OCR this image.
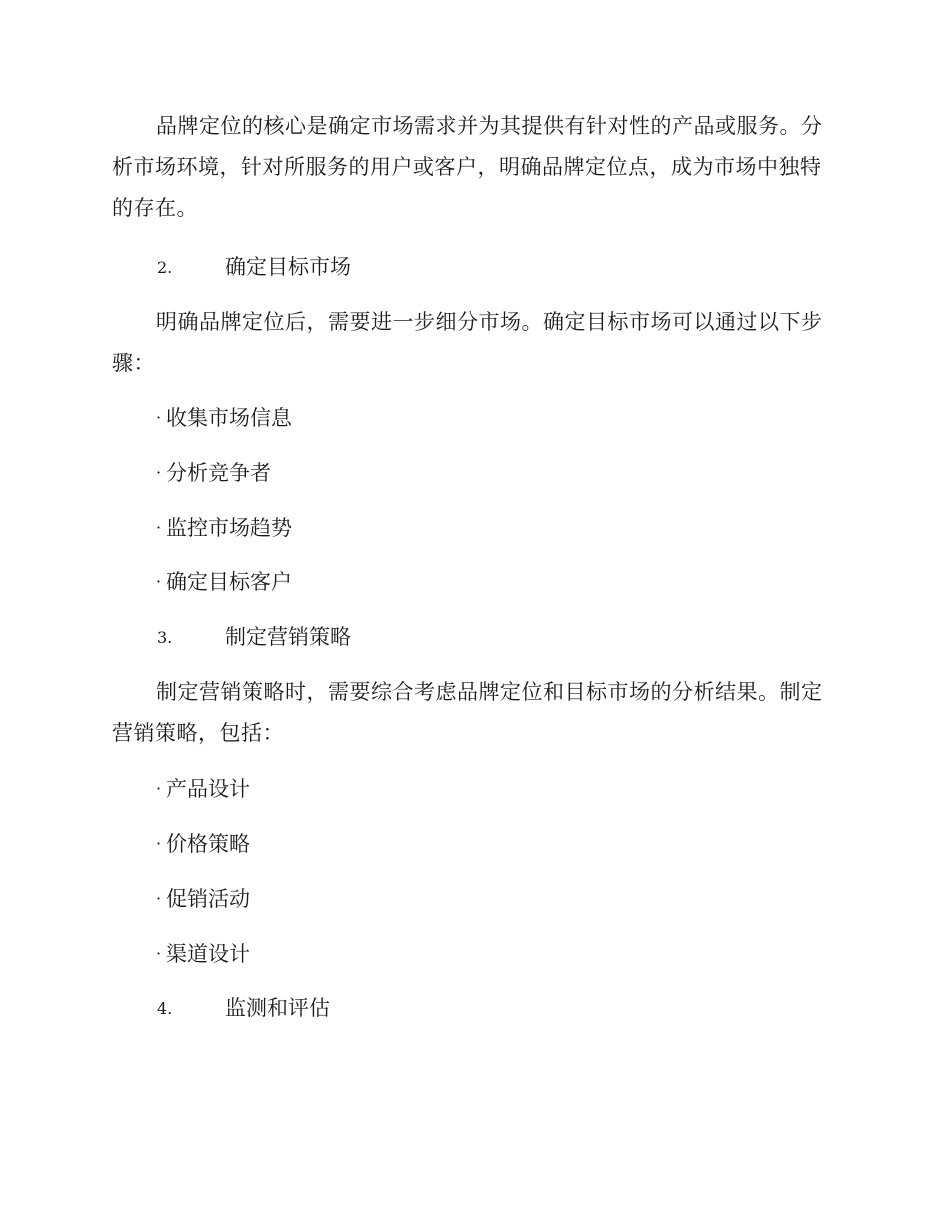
品牌定位的核心是确定市场需求并为其提供有针对性的产品或服务。分析市场环境，针对所服务的用户或客户，明确品牌定位点，成为市场中独特的存在。

2.	确定目标市场

明确品牌定位后，需要进一步细分市场。确定目标市场可以通过以下步骤：

· 收集市场信息
· 分析竞争者
· 监控市场趋势
· 确定目标客户
3.	制定营销策略

制定营销策略时，需要综合考虑品牌定位和目标市场的分析结果。制定营销策略，包括：

· 产品设计
· 价格策略
· 促销活动
· 渠道设计
4.	监测和评估
